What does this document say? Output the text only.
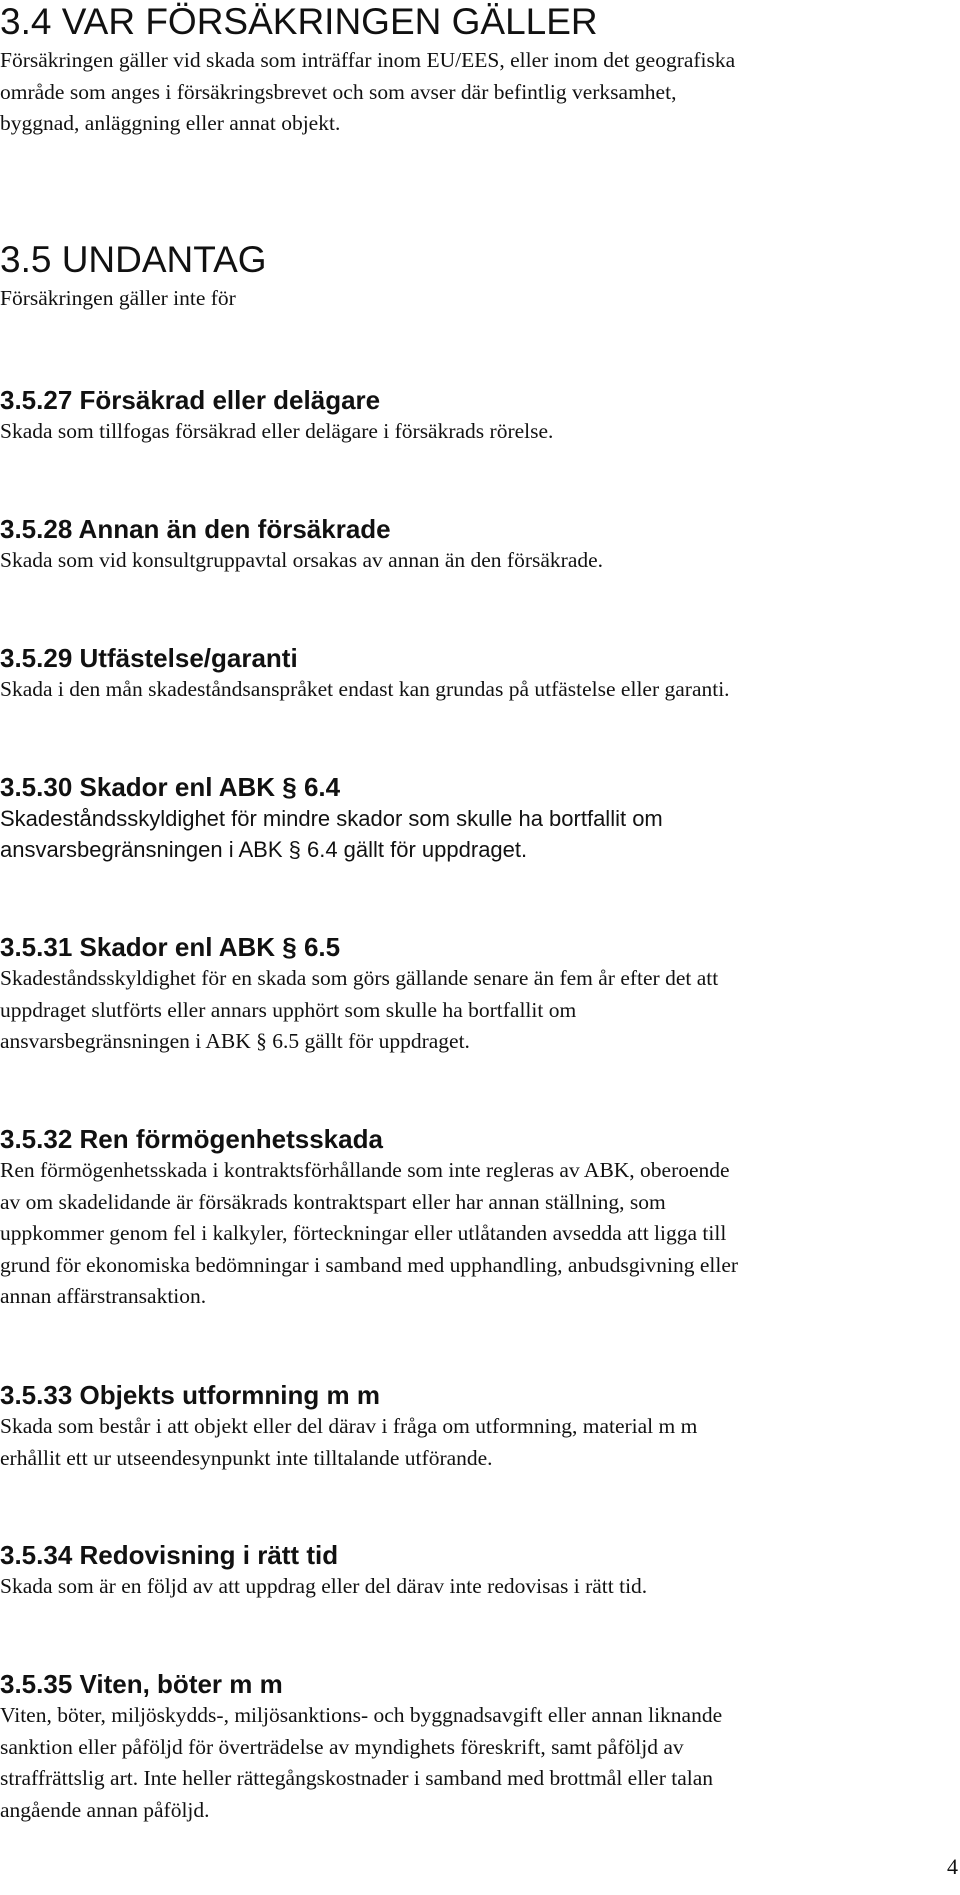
3.4 VAR FÖRSÄKRINGEN GÄLLER

Försäkringen gäller vid skada som inträffar inom EU/EES, eller inom det geografiska
område som anges i försäkringsbrevet och som avser där befintlig verksamhet,
byggnad, anläggning eller annat objekt.

3.5 UNDANTAG

Försäkringen gäller inte för

3.5.27 Försäkrad eller delägare

Skada som tillfogas försäkrad eller delägare i försäkrads rörelse.

3.5.28 Annan än den försäkrade

Skada som vid konsultgruppavtal orsakas av annan än den försäkrade.

3.5.29 Utfästelse/garanti

Skada i den mån skadeståndsanspråket endast kan grundas på utfästelse eller garanti.

3.5.30 Skador enl ABK § 6.4

Skadeståndsskyldighet för mindre skador som skulle ha bortfallit om
ansvarsbegränsningen i ABK § 6.4 gällt för uppdraget.

3.5.31 Skador enl ABK § 6.5

Skadeståndsskyldighet för en skada som görs gällande senare än fem år efter det att
uppdraget slutförts eller annars upphört som skulle ha bortfallit om
ansvarsbegränsningen i ABK § 6.5 gällt för uppdraget.

3.5.32 Ren förmögenhetsskada

Ren förmögenhetsskada i kontraktsförhållande som inte regleras av ABK, oberoende
av om skadelidande är försäkrads kontraktspart eller har annan ställning, som
uppkommer genom fel i kalkyler, förteckningar eller utlåtanden avsedda att ligga till
grund för ekonomiska bedömningar i samband med upphandling, anbudsgivning eller
annan affärstransaktion.

3.5.33 Objekts utformning m m

Skada som består i att objekt eller del därav i fråga om utformning, material m m
erhållit ett ur utseendesynpunkt inte tilltalande utförande.

3.5.34 Redovisning i rätt tid

Skada som är en följd av att uppdrag eller del därav inte redovisas i rätt tid.

3.5.35 Viten, böter m m

Viten, böter, miljöskydds-, miljösanktions- och byggnadsavgift eller annan liknande
sanktion eller påföljd för överträdelse av myndighets föreskrift, samt påföljd av
straffrättslig art. Inte heller rättegångskostnader i samband med brottmål eller talan
angående annan påföljd.

4
